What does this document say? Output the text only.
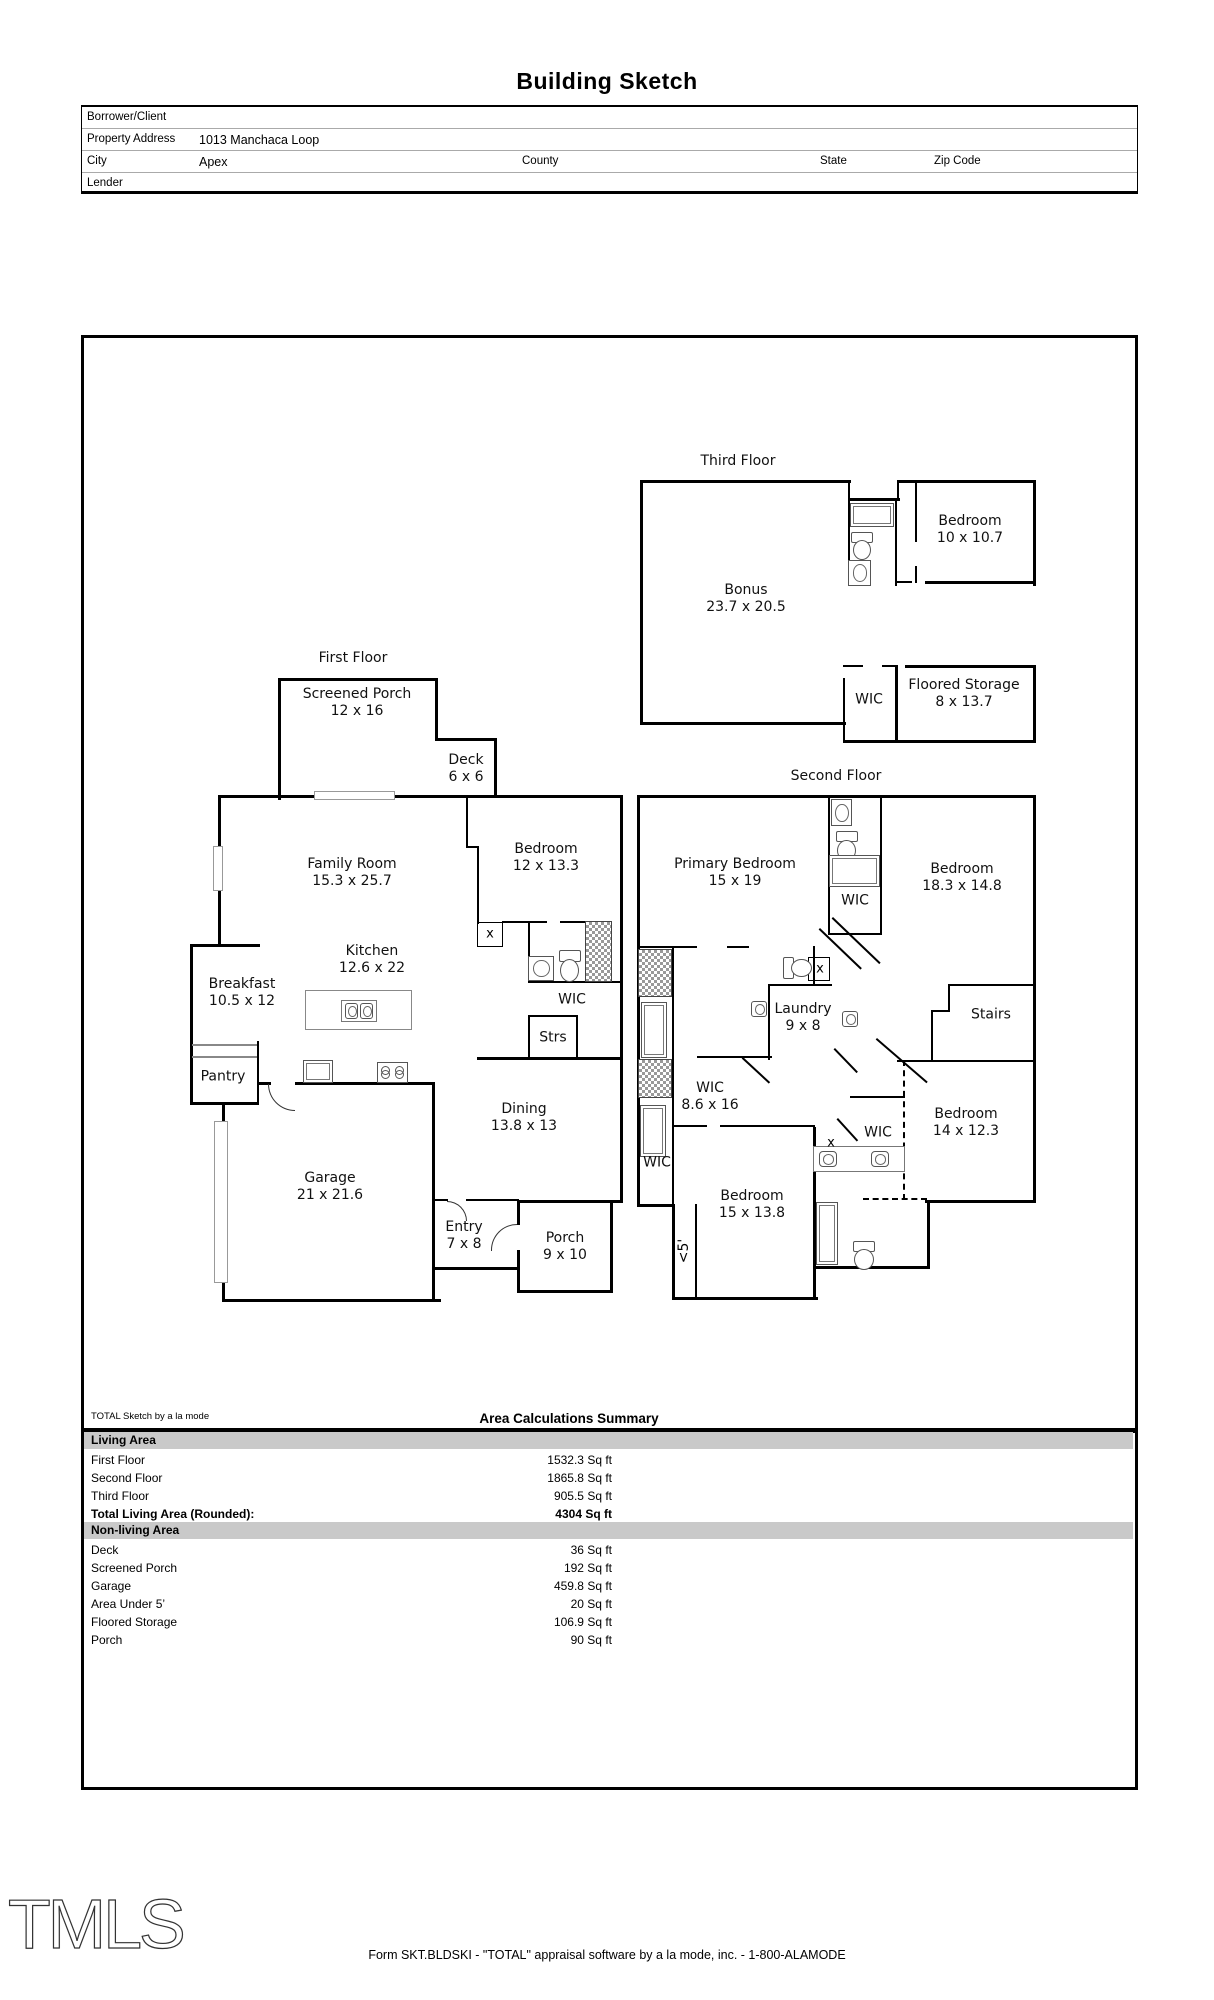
Building Sketch
Borrower/Client
Property Address 1013 Manchaca Loop
City	Apex	County	State	Zip Code
Lender
First Floor
Screened Porch
12 x 16
Deck
6 x 6
Family Room
15.3 x 25.7
Bedroom
12 x 13.3
Kitchen
12.6 x 22
Breakfast
10.5 x 12	WIC
Strs
Pantry
Dining
13.8 x 13
Garage
21 x 21.6
Entry
7 x 8	Porch
9 x 10
x
Second Floor
Primary Bedroom
15 x 19
WIC
Bedroom
18.3 x 14.8
Laundry
9 x 8
Stairs
WIC
8.6 x 16
WIC
Bedroom
15 x 13.8
Bedroom
14 x 12.3
WIC
x
x
<5'
Third Floor
Bonus
23.7 x 20.5
Bedroom
10 x 10.7
WIC
Floored Storage
8 x 13.7
TOTAL Sketch by a la mode	Area Calculations Summary
Living Area
First Floor	1532.3 Sq ft
Second Floor	1865.8 Sq ft
Third Floor	905.5 Sq ft
Total Living Area (Rounded):	4304 Sq ft
Non-living Area
Deck	36 Sq ft
Screened Porch	192 Sq ft
Garage	459.8 Sq ft
Area Under 5’	20 Sq ft
Floored Storage	106.9 Sq ft
Porch	90 Sq ft
TMLS	Form SKT.BLDSKI - "TOTAL" appraisal software by a la mode, inc. - 1-800-ALAMODE
